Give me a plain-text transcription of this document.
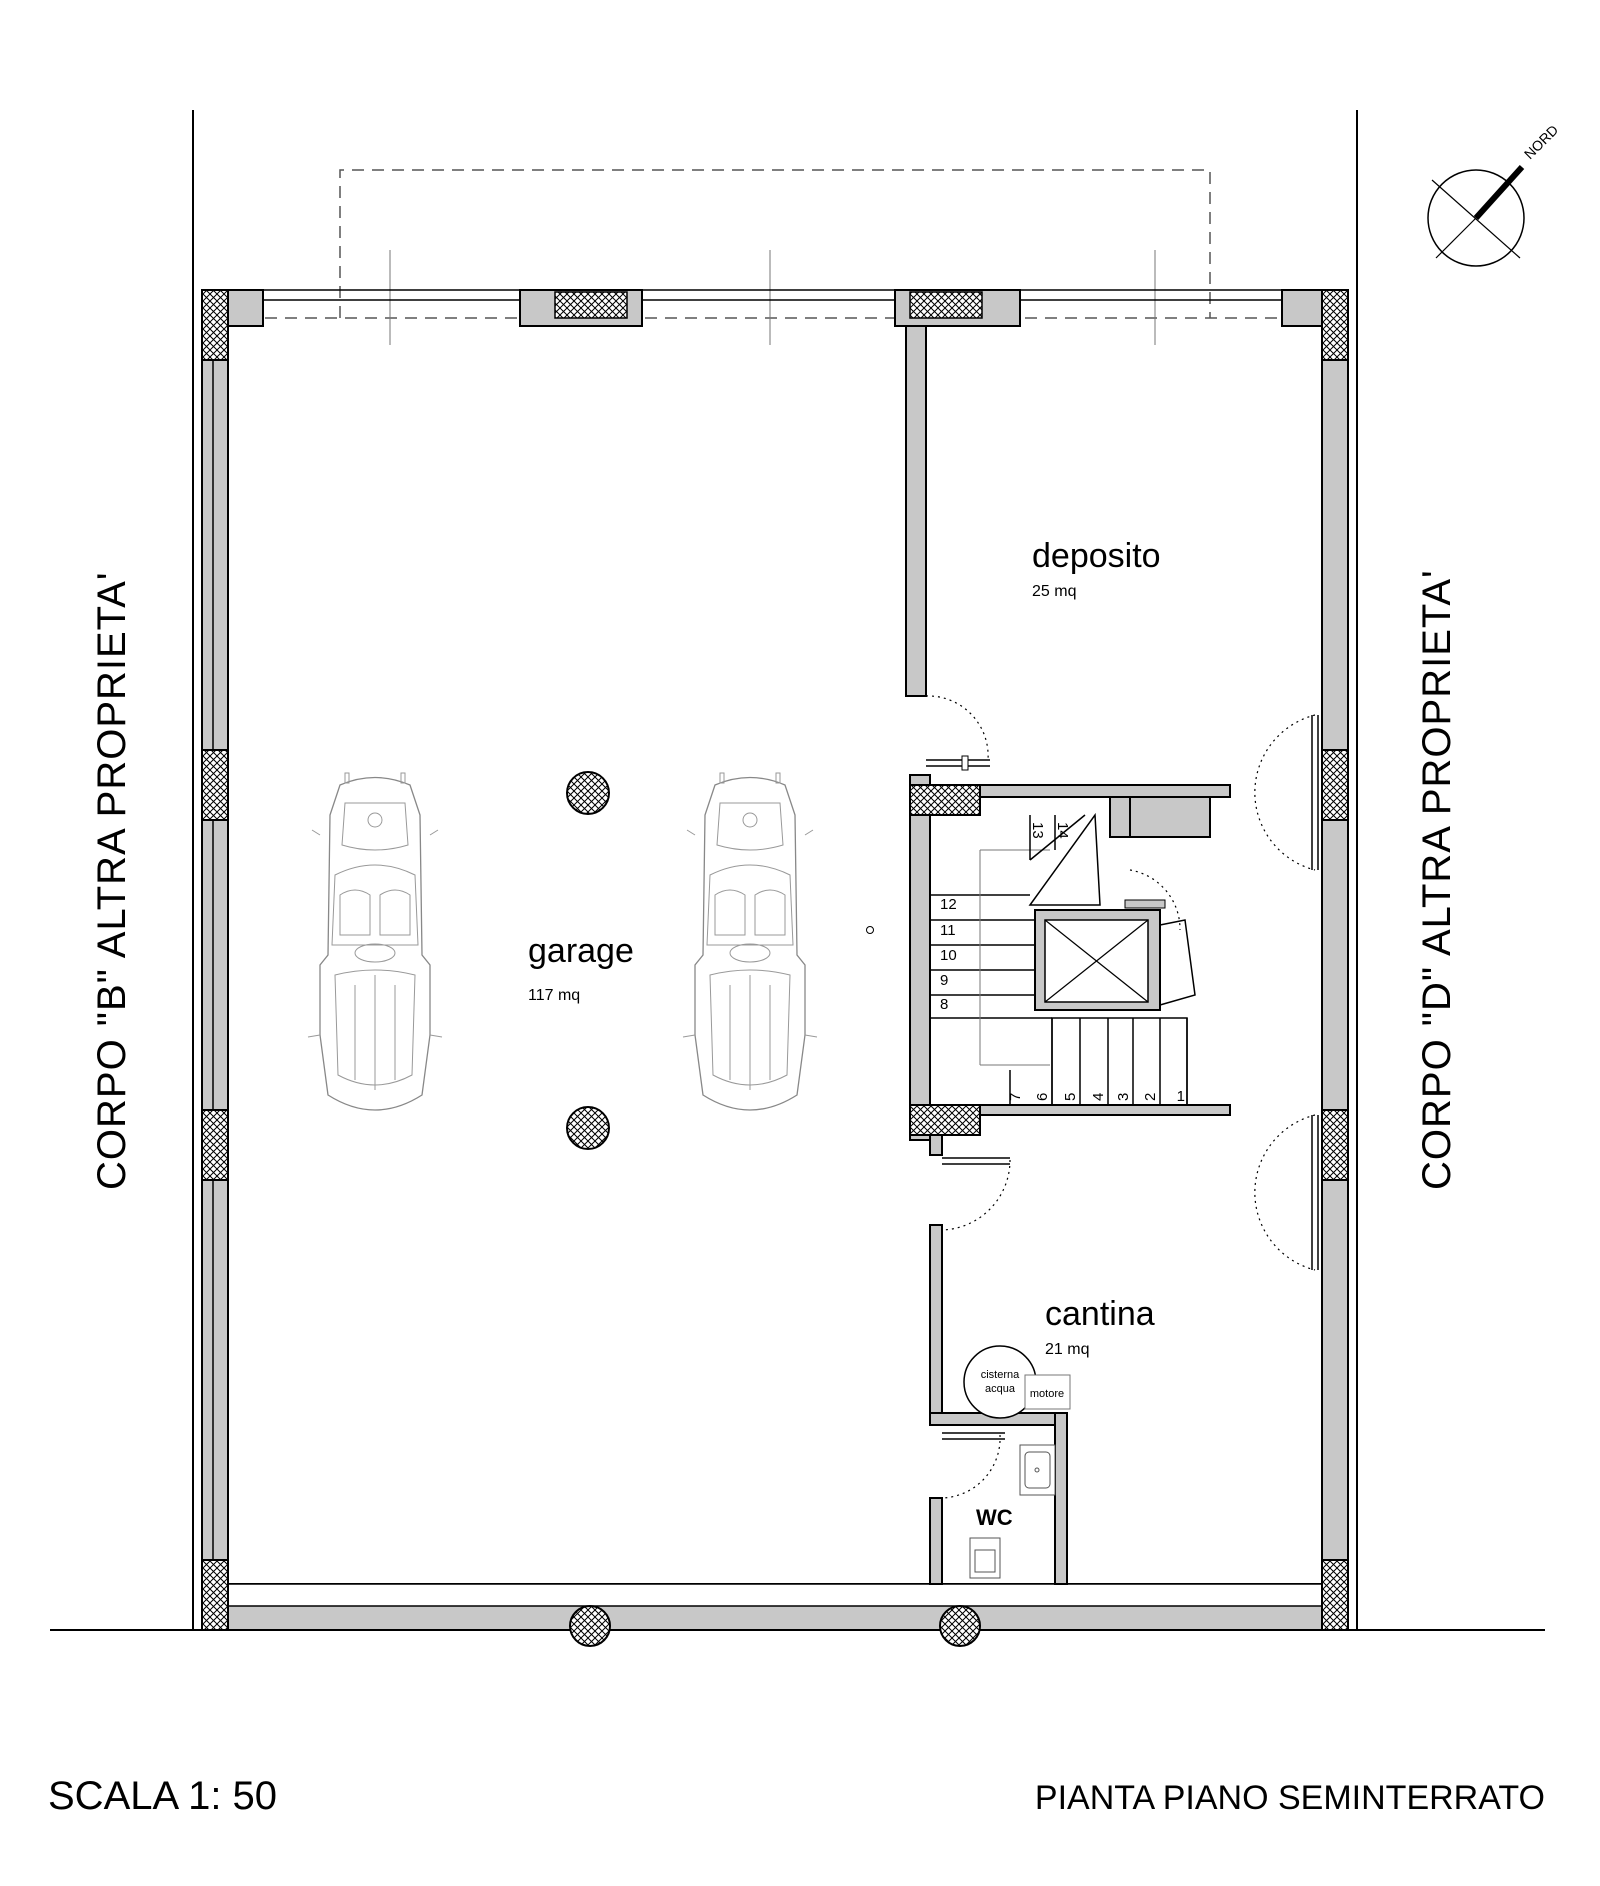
1
deposito
25 mq
garage
117 mq
cantina
21 mq
WC
cisterna
acqua motore
2
3
4
5
6
7
8
9
10
11
12
13 14
CORPO "B" ALTRA PROPRIETA'	CORPO "D" ALTRA PROPRIETA'
NORD
SCALA 1: 50	PIANTA PIANO SEMINTERRATO
